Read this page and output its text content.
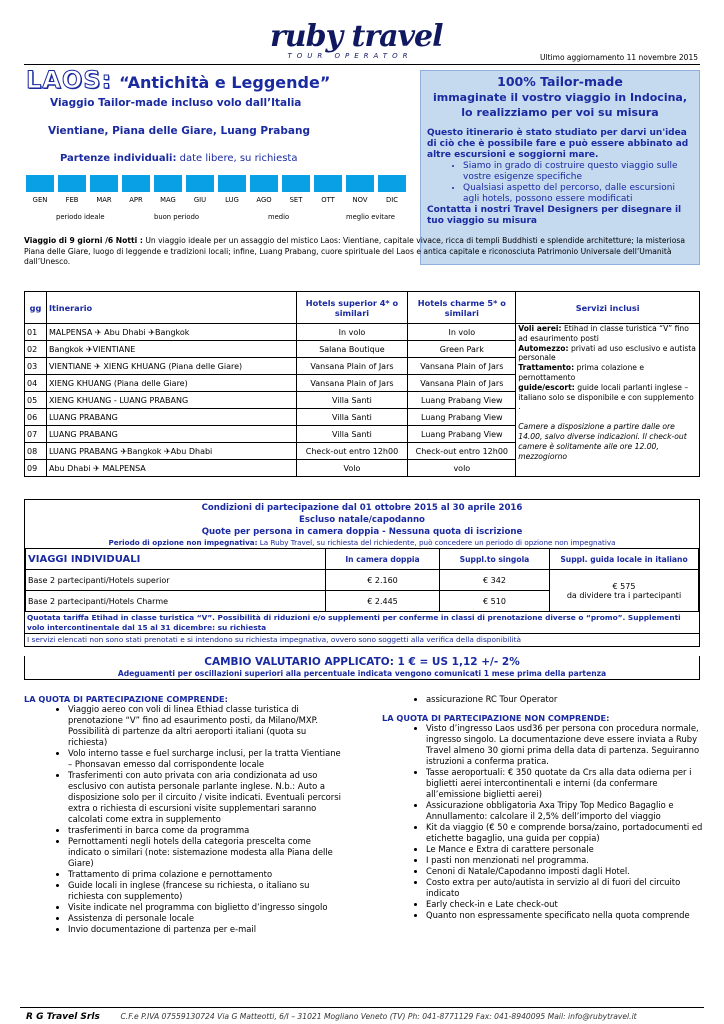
ruby travel
TOUR OPERATOR	Ultimo aggiornamento 11 novembre 2015
LAOS: “Antichità e Leggende”
Viaggio Tailor-made incluso volo dall’Italia
Vientiane, Piana delle Giare, Luang Prabang
Partenze individuali: date libere, su richiesta
GEN	FEB	MAR	APR	MAG	GIU	LUG	AGO	SET	OTT	NOV	DIC
periodo ideale	buon periodo	medio	meglio evitare
100% Tailor-made
immaginate il vostro viaggio in Indocina,
lo realizziamo per voi su misura
Questo itinerario è stato studiato per darvi un'idea di ciò che è possibile fare e può essere abbinato ad altre escursioni e soggiorni mare.
• Siamo in grado di costruire questo viaggio sulle vostre esigenze specifiche
• Qualsiasi aspetto del percorso, dalle escursioni agli hotels, possono essere modificati
Contatta i nostri Travel Designers per disegnare il tuo viaggio su misura
Viaggio di 9 giorni /6 Notti : Un viaggio ideale per un assaggio del mistico Laos: Vientiane, capitale vivace, ricca di templi Buddhisti e splendide architetture; la misteriosa Piana delle Giare, luogo di leggende e tradizioni locali; infine, Luang Prabang, cuore spirituale del Laos e antica capitale e riconosciuta Patrimonio Universale dell’Umanità dall’Unesco.
gg	Itinerario	Hotels superior 4* o similari	Hotels charme 5* o similari	Servizi inclusi
01	MALPENSA ✈ Abu Dhabi ✈Bangkok	In volo	In volo	Voli aerei: Etihad in classe turistica “V” fino ad esaurimento posti
Automezzo: privati ad uso esclusivo e autista personale
Trattamento: prima colazione e pernottamento
guide/escort: guide locali parlanti inglese – italiano solo se disponibile e con supplemento .
Camere a disposizione a partire dalle ore 14.00, salvo diverse indicazioni. Il check-out camere è solitamente alle ore 12.00, mezzogiorno

02	Bangkok ✈VIENTIANE	Salana Boutique	Green Park	
03	VIENTIANE ✈ XIENG KHUANG (Piana delle Giare)	Vansana Plain of Jars	Vansana Plain of Jars	
04	XIENG KHUANG (Piana delle Giare)	Vansana Plain of Jars	Vansana Plain of Jars	
05	XIENG KHUANG - LUANG PRABANG	Villa Santi	Luang Prabang View	
06	LUANG PRABANG	Villa Santi	Luang Prabang View	
07	LUANG PRABANG	Villa Santi	Luang Prabang View	
08	LUANG PRABANG ✈Bangkok ✈Abu Dhabi	Check-out entro 12h00	Check-out entro 12h00	
09	Abu Dhabi ✈ MALPENSA	Volo	volo	
Condizioni di partecipazione dal 01 ottobre 2015 al 30 aprile 2016
Escluso natale/capodanno
Quote per persona in camera doppia - Nessuna quota di iscrizione
Periodo di opzione non impegnativa: La Ruby Travel, su richiesta del richiedente, può concedere un periodo di opzione non impegnativa
VIAGGI INDIVIDUALI	In camera doppia	Suppl.to singola	Suppl. guida locale in italiano
Base 2 partecipanti/Hotels superior	€ 2.160	€ 342	€ 575
da dividere tra i partecipanti

Base 2 partecipanti/Hotels Charme	€ 2.445	€ 510	
Quotata tariffa Etihad in classe turistica “V”. Possibilità di riduzioni e/o supplementi per conferme in classi di prenotazione diverse o “promo”. Supplementi volo intercontinentale dal 15 al 31 dicembre: su richiesta
I servizi elencati non sono stati prenotati e si intendono su richiesta impegnativa, ovvero sono soggetti alla verifica della disponibilità
CAMBIO VALUTARIO APPLICATO: 1 € = US 1,12 +/- 2%
Adeguamenti per oscillazioni superiori alla percentuale indicata vengono comunicati 1 mese prima della partenza
LA QUOTA DI PARTECIPAZIONE COMPRENDE:
• Viaggio aereo con voli di linea Ethiad classe turistica di prenotazione “V” fino ad esaurimento posti, da Milano/MXP. Possibilità di partenze da altri aeroporti italiani (quota su richiesta)
• Volo interno tasse e fuel surcharge inclusi, per la tratta Vientiane – Phonsavan emesso dal corrispondente locale
• Trasferimenti con auto privata con aria condizionata ad uso esclusivo con autista personale parlante inglese. N.b.: Auto a disposizione solo per il circuito / visite indicati. Eventuali percorsi extra o richiesta di escursioni visite supplementari saranno calcolati come extra in supplemento
• trasferimenti in barca come da programma
• Pernottamenti negli hotels della categoria prescelta come indicato o similari (note: sistemazione modesta alla Piana delle Giare)
• Trattamento di prima colazione e pernottamento
• Guide locali in inglese (francese su richiesta, o italiano su richiesta con supplemento)
• Visite indicate nel programma con biglietto d’ingresso singolo
• Assistenza di personale locale
• Invio documentazione di partenza per e-mail
• assicurazione RC Tour Operator
LA QUOTA DI PARTECIPAZIONE NON COMPRENDE:
• Visto d’ingresso Laos usd36 per persona con procedura normale, ingresso singolo. La documentazione deve essere inviata a Ruby Travel almeno 30 giorni prima della data di partenza. Seguiranno istruzioni a conferma pratica.
• Tasse aeroportuali: € 350 quotate da Crs alla data odierna per i biglietti aerei intercontinentali e interni (da confermare all’emissione biglietti aerei)
• Assicurazione obbligatoria Axa Tripy Top Medico Bagaglio e Annullamento: calcolare il 2,5% dell’importo del viaggio
• Kit da viaggio (€ 50 e comprende borsa/zaino, portadocumenti ed etichette bagaglio, una guida per coppia)
• Le Mance e Extra di carattere personale
• I pasti non menzionati nel programma.
• Cenoni di Natale/Capodanno imposti dagli Hotel.
• Costo extra per auto/autista in servizio al di fuori del circuito indicato
• Early check-in e Late check-out
• Quanto non espressamente specificato nella quota comprende
R G Travel Srls	C.F.e P.IVA 07559130724 Via G Matteotti, 6/I – 31021 Mogliano Veneto (TV) Ph: 041-8771129 Fax: 041-8940095 Mail: info@rubytravel.it
